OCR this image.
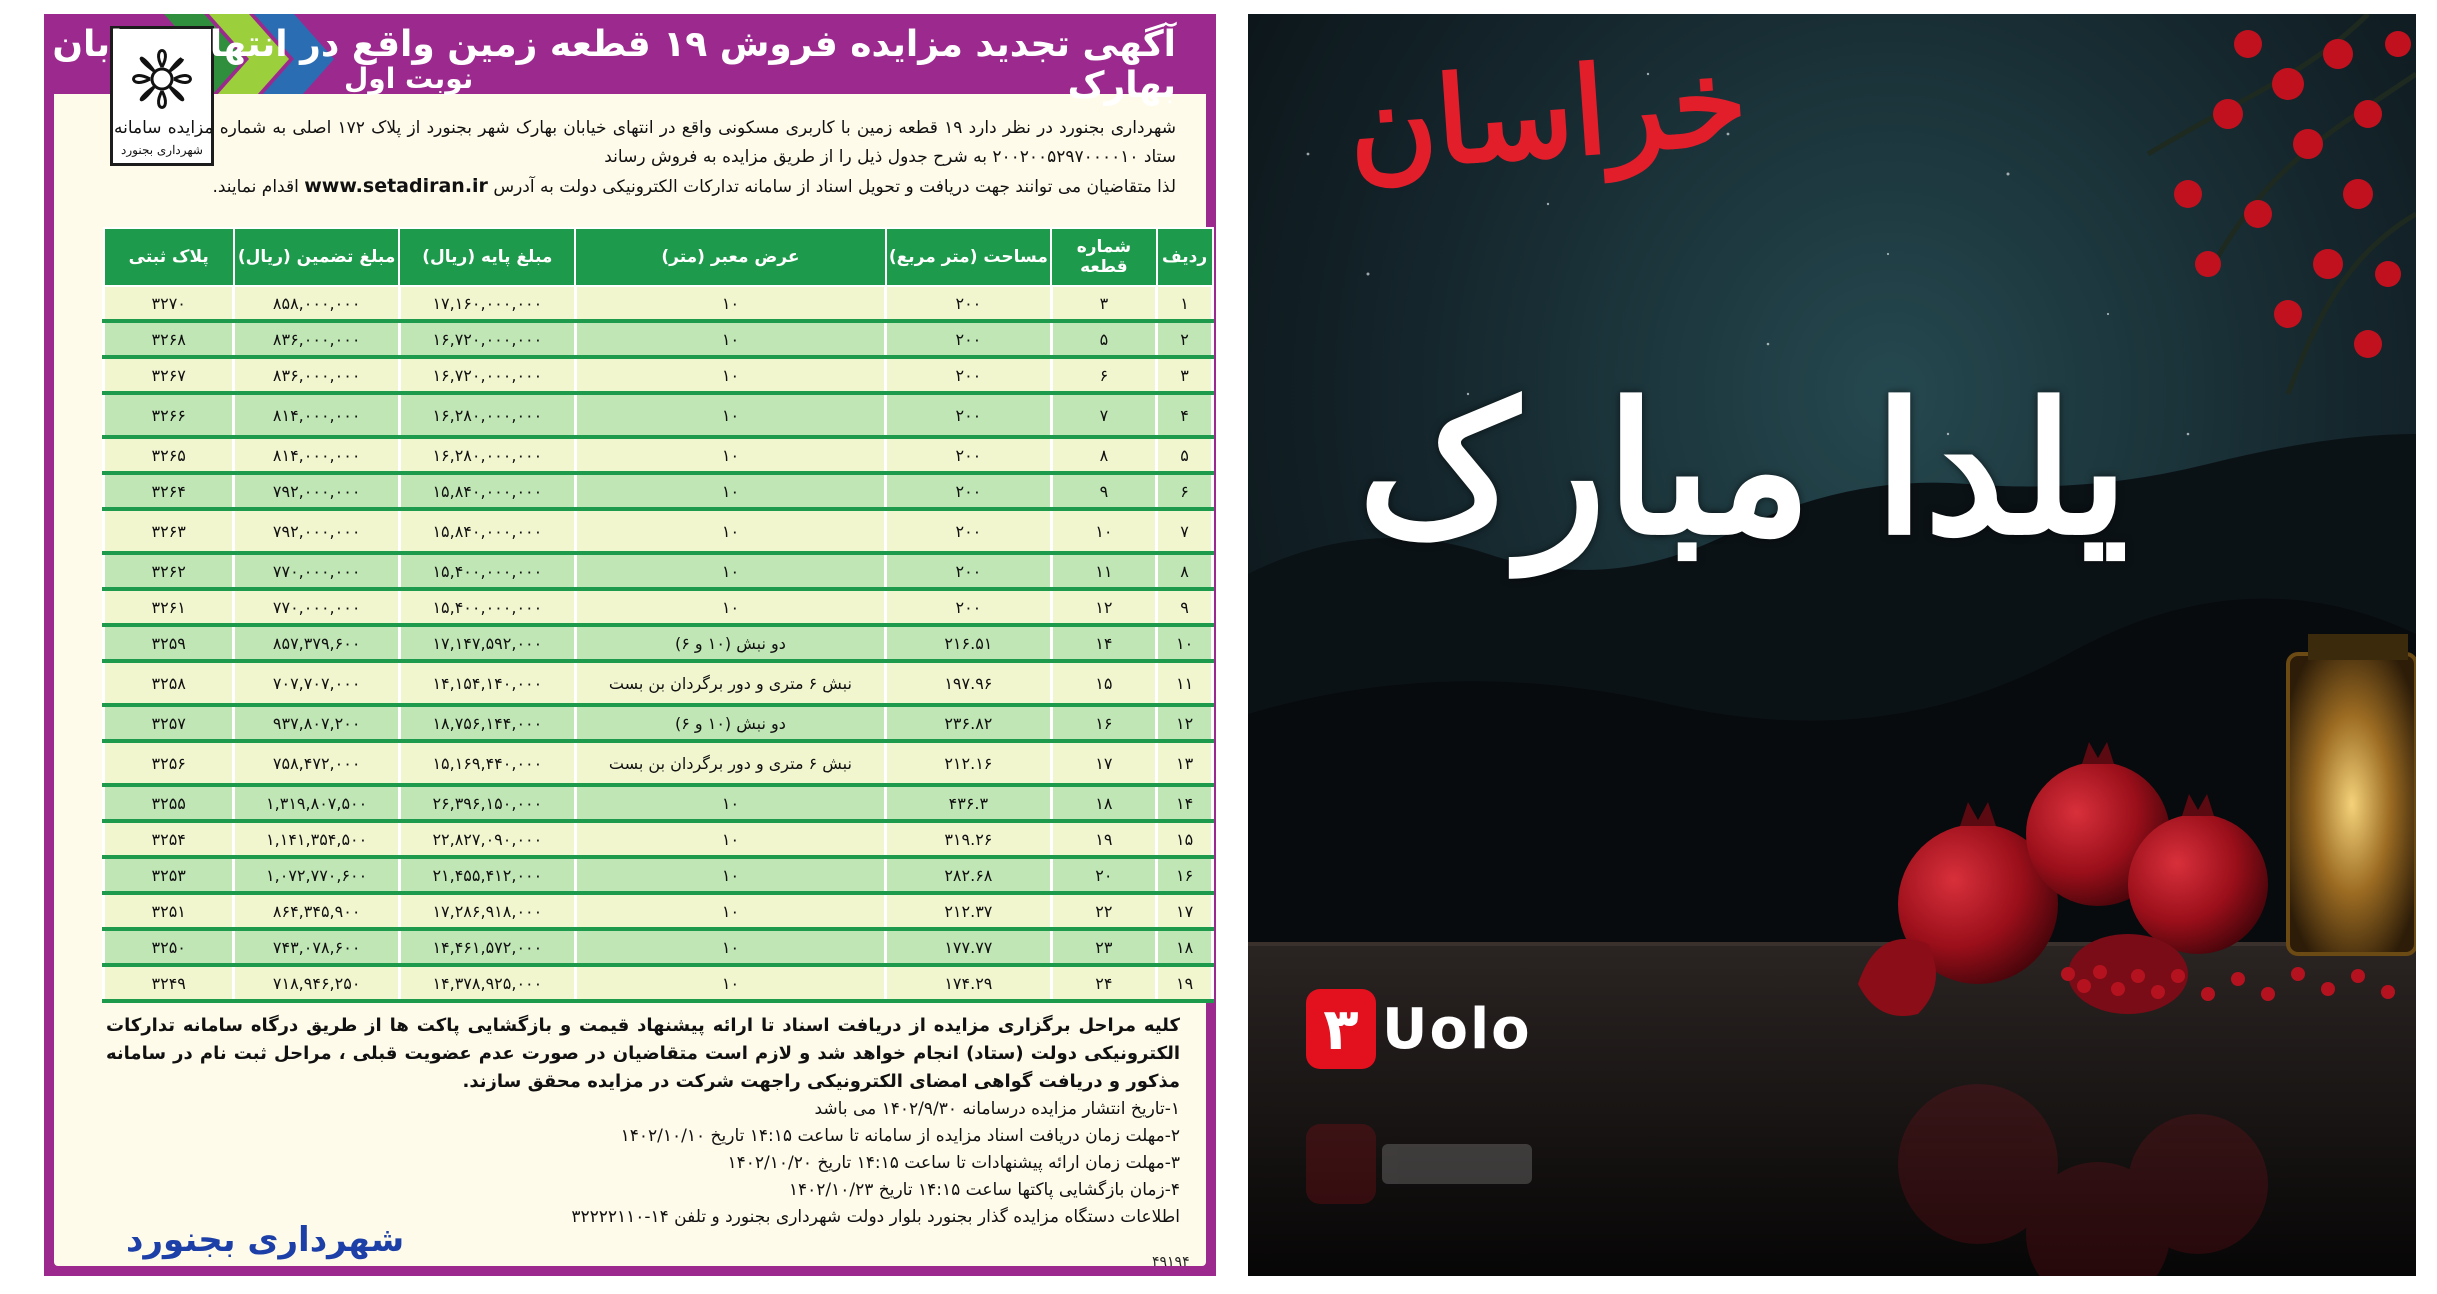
شهرداری بجنورد
آگهی تجدید مزایده فروش ۱۹ قطعه زمین واقع در انتهای خیابان بهارک
نوبت اول
شهرداری بجنورد در نظر دارد ۱۹ قطعه زمین با کاربری مسکونی واقع در انتهای خیابان بهارک شهر بجنورد از پلاک ۱۷۲ اصلی به شماره مزایده سامانه ستاد ۲۰۰۲۰۰۵۲۹۷۰۰۰۰۱۰ به شرح جدول ذیل را از طریق مزایده به فروش رساند
لذا متقاضیان می توانند جهت دریافت و تحویل اسناد از سامانه تدارکات الکترونیکی دولت به آدرس www.setadiran.ir اقدام نمایند.
ردیف	شماره قطعه	مساحت (متر مربع)	عرض معبر (متر)	مبلغ پایه (ریال)	مبلغ تضمین (ریال)	پلاک ثبتی
۱	۳	۲۰۰	۱۰	۱۷,۱۶۰,۰۰۰,۰۰۰	۸۵۸,۰۰۰,۰۰۰	۳۲۷۰
۲	۵	۲۰۰	۱۰	۱۶,۷۲۰,۰۰۰,۰۰۰	۸۳۶,۰۰۰,۰۰۰	۳۲۶۸
۳	۶	۲۰۰	۱۰	۱۶,۷۲۰,۰۰۰,۰۰۰	۸۳۶,۰۰۰,۰۰۰	۳۲۶۷
۴	۷	۲۰۰	۱۰	۱۶,۲۸۰,۰۰۰,۰۰۰	۸۱۴,۰۰۰,۰۰۰	۳۲۶۶
۵	۸	۲۰۰	۱۰	۱۶,۲۸۰,۰۰۰,۰۰۰	۸۱۴,۰۰۰,۰۰۰	۳۲۶۵
۶	۹	۲۰۰	۱۰	۱۵,۸۴۰,۰۰۰,۰۰۰	۷۹۲,۰۰۰,۰۰۰	۳۲۶۴
۷	۱۰	۲۰۰	۱۰	۱۵,۸۴۰,۰۰۰,۰۰۰	۷۹۲,۰۰۰,۰۰۰	۳۲۶۳
۸	۱۱	۲۰۰	۱۰	۱۵,۴۰۰,۰۰۰,۰۰۰	۷۷۰,۰۰۰,۰۰۰	۳۲۶۲
۹	۱۲	۲۰۰	۱۰	۱۵,۴۰۰,۰۰۰,۰۰۰	۷۷۰,۰۰۰,۰۰۰	۳۲۶۱
۱۰	۱۴	۲۱۶.۵۱	دو نبش (۱۰ و ۶)	۱۷,۱۴۷,۵۹۲,۰۰۰	۸۵۷,۳۷۹,۶۰۰	۳۲۵۹
۱۱	۱۵	۱۹۷.۹۶	نبش ۶ متری و دور برگردان بن بست	۱۴,۱۵۴,۱۴۰,۰۰۰	۷۰۷,۷۰۷,۰۰۰	۳۲۵۸
۱۲	۱۶	۲۳۶.۸۲	دو نبش (۱۰ و ۶)	۱۸,۷۵۶,۱۴۴,۰۰۰	۹۳۷,۸۰۷,۲۰۰	۳۲۵۷
۱۳	۱۷	۲۱۲.۱۶	نبش ۶ متری و دور برگردان بن بست	۱۵,۱۶۹,۴۴۰,۰۰۰	۷۵۸,۴۷۲,۰۰۰	۳۲۵۶
۱۴	۱۸	۴۳۶.۳	۱۰	۲۶,۳۹۶,۱۵۰,۰۰۰	۱,۳۱۹,۸۰۷,۵۰۰	۳۲۵۵
۱۵	۱۹	۳۱۹.۲۶	۱۰	۲۲,۸۲۷,۰۹۰,۰۰۰	۱,۱۴۱,۳۵۴,۵۰۰	۳۲۵۴
۱۶	۲۰	۲۸۲.۶۸	۱۰	۲۱,۴۵۵,۴۱۲,۰۰۰	۱,۰۷۲,۷۷۰,۶۰۰	۳۲۵۳
۱۷	۲۲	۲۱۲.۳۷	۱۰	۱۷,۲۸۶,۹۱۸,۰۰۰	۸۶۴,۳۴۵,۹۰۰	۳۲۵۱
۱۸	۲۳	۱۷۷.۷۷	۱۰	۱۴,۴۶۱,۵۷۲,۰۰۰	۷۴۳,۰۷۸,۶۰۰	۳۲۵۰
۱۹	۲۴	۱۷۴.۲۹	۱۰	۱۴,۳۷۸,۹۲۵,۰۰۰	۷۱۸,۹۴۶,۲۵۰	۳۲۴۹
کلیه مراحل برگزاری مزایده از دریافت اسناد تا ارائه پیشنهاد قیمت و بازگشایی پاکت ها از طریق درگاه سامانه تدارکات الکترونیکی دولت (ستاد) انجام خواهد شد و لازم است متقاضیان در صورت عدم عضویت قبلی ، مراحل ثبت نام در سامانه مذکور و دریافت گواهی امضای الکترونیکی راجهت شرکت در مزایده محقق سازند.
۱-تاریخ انتشار مزایده درسامانه ۱۴۰۲/۹/۳۰ می باشد
۲-مهلت زمان دریافت اسناد مزایده از سامانه تا ساعت ۱۴:۱۵ تاریخ ۱۴۰۲/۱۰/۱۰
۳-مهلت زمان ارائه پیشنهادات تا ساعت ۱۴:۱۵ تاریخ ۱۴۰۲/۱۰/۲۰
۴-زمان بازگشایی پاکتها ساعت ۱۴:۱۵ تاریخ ۱۴۰۲/۱۰/۲۳
اطلاعات دستگاه مزایده گذار بجنورد بلوار دولت شهرداری بجنورد و تلفن ۱۴-۳۲۲۲۲۱۱۰
شهرداری بجنورد
۴۹۱۹۴
خراسان
یلدا مبارک
۳ Uolo
